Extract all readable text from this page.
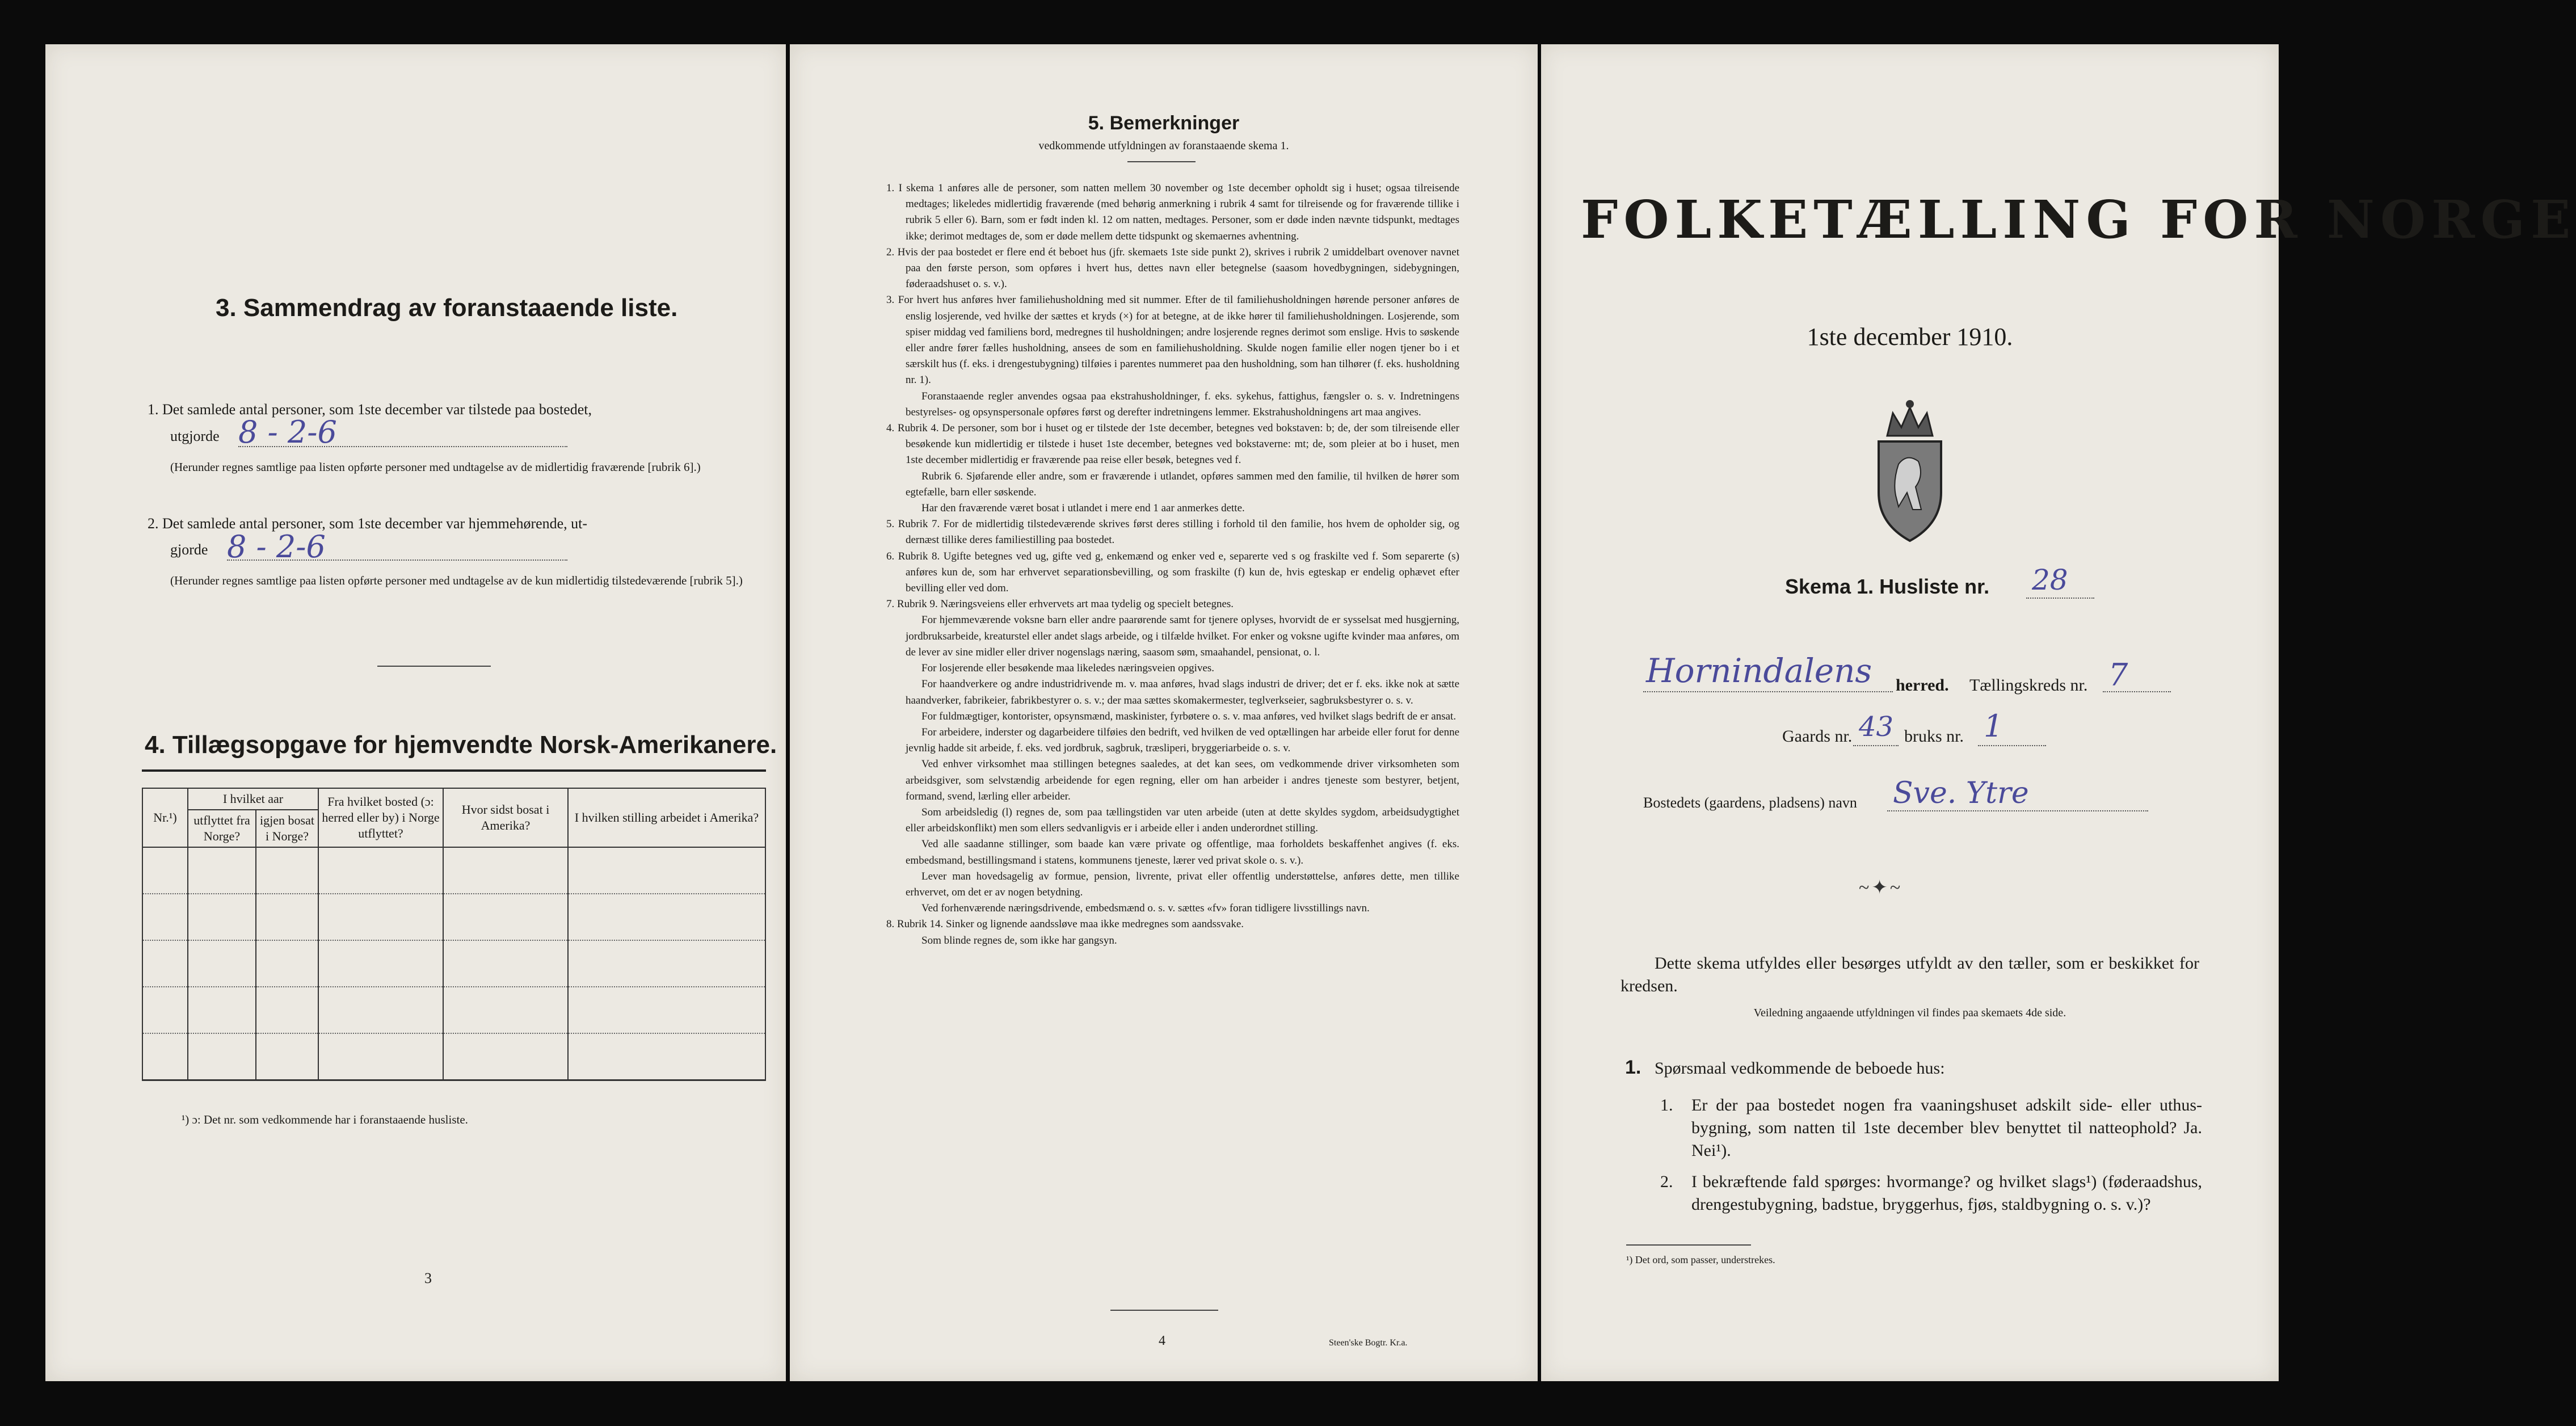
3. Sammendrag av foranstaaende liste.
1. Det samlede antal personer, som 1ste december var tilstede paa bostedet,
utgjorde 8 - 2-6
(Herunder regnes samtlige paa listen opførte personer med undtagelse av de midlertidig fraværende [rubrik 6].)
2. Det samlede antal personer, som 1ste december var hjemmehørende, ut-
gjorde 8 - 2-6
(Herunder regnes samtlige paa listen opførte personer med undtagelse av de kun midlertidig tilstedeværende [rubrik 5].)
4. Tillægsopgave for hjemvendte Norsk-Amerikanere.
Nr.¹)	I hvilket aar		Fra hvilket bosted (ɔ: herred eller by) i Norge utflyttet?	Hvor sidst bosat i Amerika?	I hvilken stilling arbeidet i Amerika?
	utflyttet fra Norge?	igjen bosat i Norge?			

¹) ɔ: Det nr. som vedkommende har i foranstaaende husliste.
3
5. Bemerkninger
vedkommende utfyldningen av foranstaaende skema 1.

1. I skema 1 anføres alle de personer, som natten mellem 30 november og 1ste december opholdt sig i huset; ogsaa tilreisende medtages; likeledes midlertidig fraværende (med behørig anmerkning i rubrik 4 samt for tilreisende og for fraværende tillike i rubrik 5 eller 6). Barn, som er født inden kl. 12 om natten, medtages. Personer, som er døde inden nævnte tidspunkt, medtages ikke; derimot medtages de, som er døde mellem dette tidspunkt og skemaernes avhentning.

2. Hvis der paa bostedet er flere end ét beboet hus (jfr. skemaets 1ste side punkt 2), skrives i rubrik 2 umiddelbart ovenover navnet paa den første person, som opføres i hvert hus, dettes navn eller betegnelse (saasom hovedbygningen, sidebygningen, føderaadshuset o. s. v.).

3. For hvert hus anføres hver familiehusholdning med sit nummer. Efter de til familiehusholdningen hørende personer anføres de enslig losjerende, ved hvilke der sættes et kryds (×) for at betegne, at de ikke hører til familiehusholdningen. Losjerende, som spiser middag ved familiens bord, medregnes til husholdningen; andre losjerende regnes derimot som enslige. Hvis to søskende eller andre fører fælles husholdning, ansees de som en familiehusholdning. Skulde nogen familie eller nogen tjener bo i et særskilt hus (f. eks. i drengestubygning) tilføies i parentes nummeret paa den husholdning, som han tilhører (f. eks. husholdning nr. 1).

Foranstaaende regler anvendes ogsaa paa ekstrahusholdninger, f. eks. sykehus, fattighus, fængsler o. s. v. Indretningens bestyrelses- og opsynspersonale opføres først og derefter indretningens lemmer. Ekstrahusholdningens art maa angives.

4. Rubrik 4. De personer, som bor i huset og er tilstede der 1ste december, betegnes ved bokstaven: b; de, der som tilreisende eller besøkende kun midlertidig er tilstede i huset 1ste december, betegnes ved bokstaverne: mt; de, som pleier at bo i huset, men 1ste december midlertidig er fraværende paa reise eller besøk, betegnes ved f.

Rubrik 6. Sjøfarende eller andre, som er fraværende i utlandet, opføres sammen med den familie, til hvilken de hører som egtefælle, barn eller søskende.

Har den fraværende været bosat i utlandet i mere end 1 aar anmerkes dette.

5. Rubrik 7. For de midlertidig tilstedeværende skrives først deres stilling i forhold til den familie, hos hvem de opholder sig, og dernæst tillike deres familiestilling paa bostedet.

6. Rubrik 8. Ugifte betegnes ved ug, gifte ved g, enkemænd og enker ved e, separerte ved s og fraskilte ved f. Som separerte (s) anføres kun de, som har erhvervet separationsbevilling, og som fraskilte (f) kun de, hvis egteskap er endelig ophævet efter bevilling eller ved dom.

7. Rubrik 9. Næringsveiens eller erhvervets art maa tydelig og specielt betegnes.

For hjemmeværende voksne barn eller andre paarørende samt for tjenere oplyses, hvorvidt de er sysselsat med husgjerning, jordbruksarbeide, kreaturstel eller andet slags arbeide, og i tilfælde hvilket. For enker og voksne ugifte kvinder maa anføres, om de lever av sine midler eller driver nogenslags næring, saasom søm, smaahandel, pensionat, o. l.

For losjerende eller besøkende maa likeledes næringsveien opgives.

For haandverkere og andre industridrivende m. v. maa anføres, hvad slags industri de driver; det er f. eks. ikke nok at sætte haandverker, fabrikeier, fabrikbestyrer o. s. v.; der maa sættes skomakermester, teglverkseier, sagbruksbestyrer o. s. v.

For fuldmægtiger, kontorister, opsynsmænd, maskinister, fyrbøtere o. s. v. maa anføres, ved hvilket slags bedrift de er ansat.

For arbeidere, inderster og dagarbeidere tilføies den bedrift, ved hvilken de ved optællingen har arbeide eller forut for denne jevnlig hadde sit arbeide, f. eks. ved jordbruk, sagbruk, træsliperi, bryggeriarbeide o. s. v.

Ved enhver virksomhet maa stillingen betegnes saaledes, at det kan sees, om vedkommende driver virksomheten som arbeidsgiver, som selvstændig arbeidende for egen regning, eller om han arbeider i andres tjeneste som bestyrer, betjent, formand, svend, lærling eller arbeider.

Som arbeidsledig (l) regnes de, som paa tællingstiden var uten arbeide (uten at dette skyldes sygdom, arbeidsudygtighet eller arbeidskonflikt) men som ellers sedvanligvis er i arbeide eller i anden underordnet stilling.

Ved alle saadanne stillinger, som baade kan være private og offentlige, maa forholdets beskaffenhet angives (f. eks. embedsmand, bestillingsmand i statens, kommunens tjeneste, lærer ved privat skole o. s. v.).

Lever man hovedsagelig av formue, pension, livrente, privat eller offentlig understøttelse, anføres dette, men tillike erhvervet, om det er av nogen betydning.

Ved forhenværende næringsdrivende, embedsmænd o. s. v. sættes «fv» foran tidligere livsstillings navn.

8. Rubrik 14. Sinker og lignende aandssløve maa ikke medregnes som aandssvake.

Som blinde regnes de, som ikke har gangsyn.

4	Steen'ske Bogtr. Kr.a.
FOLKETÆLLING FOR NORGE
1ste december 1910.
Skema 1. Husliste nr. 28
Hornindalens herred. Tællingskreds nr. 7
Gaards nr. 43 bruks nr. 1
Bostedets (gaardens, pladsens) navn Sve. Ytre
~✦~
Dette skema utfyldes eller besørges utfyldt av den tæller, som er beskikket for kredsen.
Veiledning angaaende utfyldningen vil findes paa skemaets 4de side.
1. Spørsmaal vedkommende de beboede hus:
1. Er der paa bostedet nogen fra vaaningshuset adskilt side- eller uthus-bygning, som natten til 1ste december blev benyttet til natteophold? Ja. Nei¹).
2. I bekræftende fald spørges: hvormange? og hvilket slags¹) (føderaadshus, drengestubygning, badstue, bryggerhus, fjøs, staldbygning o. s. v.)?
¹) Det ord, som passer, understrekes.
